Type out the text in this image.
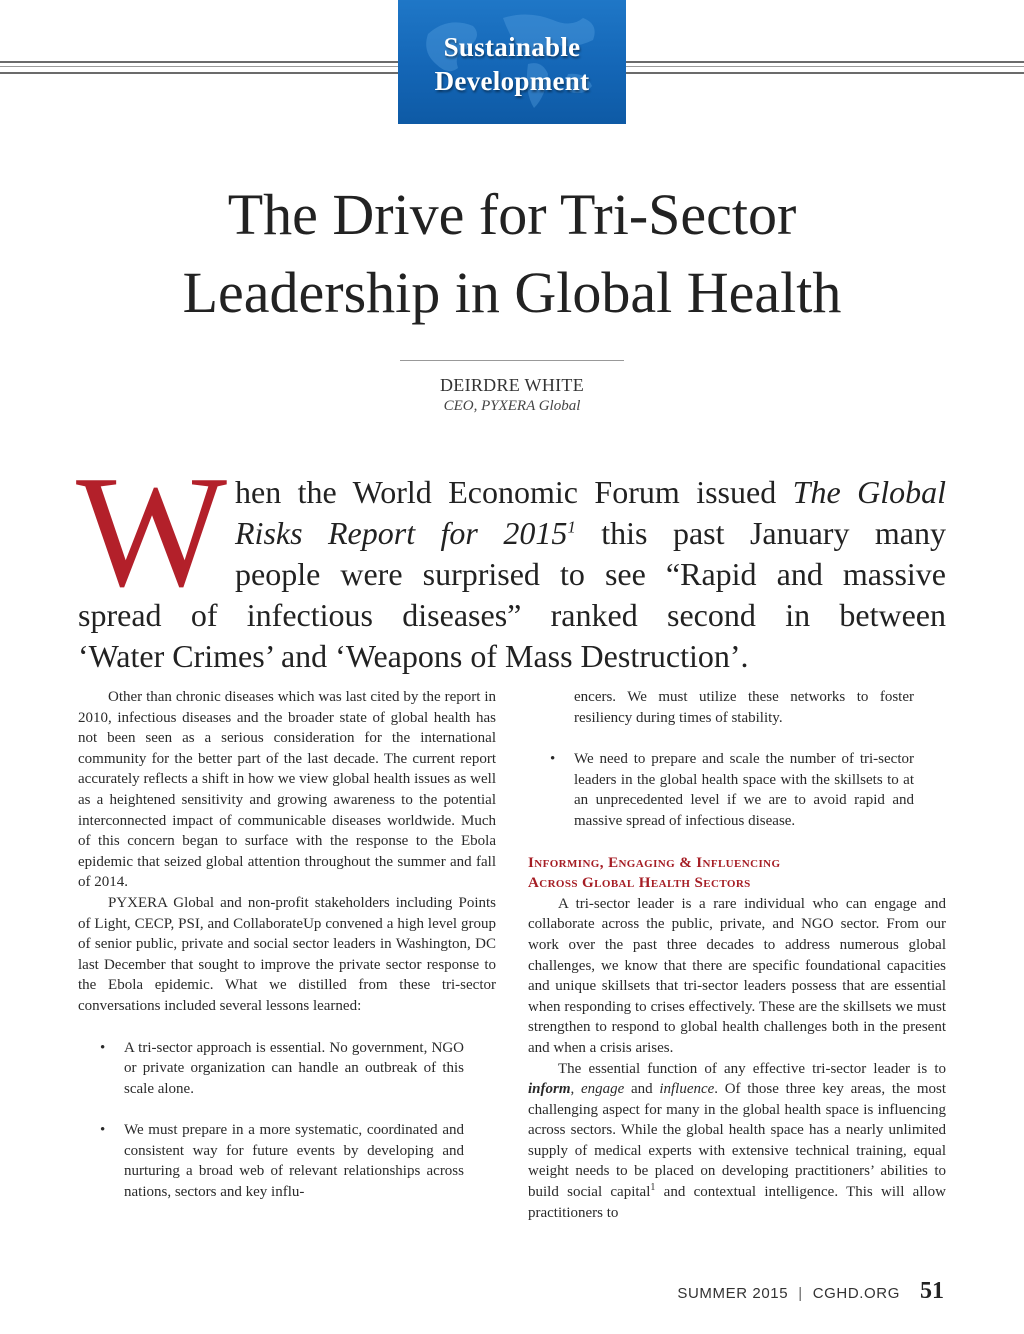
Sustainable
Development
The Drive for Tri-Sector
Leadership in Global Health
DEIRDRE WHITE
CEO, PYXERA Global
W hen the World Economic Forum issued The Global
Risks Report for 2015$^1$ this past January many
people were surprised to see “Rapid and massive
spread of infectious diseases” ranked second in between
‘Water Crimes’ and ‘Weapons of Mass Destruction’.

Other than chronic diseases which was last cited by the report in 2010, infectious diseases and the broader state of global health has not been seen as a serious consideration for the international community for the better part of the last decade. The current report accurately reflects a shift in how we view global health issues as well as a heightened sensitivity and growing awareness to the potential interconnected impact of communicable diseases worldwide. Much of this concern began to surface with the response to the Ebola epidemic that seized global attention throughout the summer and fall of 2014.

PYXERA Global and non-profit stakeholders including Points of Light, CECP, PSI, and CollaborateUp convened a high level group of senior public, private and social sector leaders in Washington, DC last December that sought to improve the private sector response to the Ebola epidemic. What we distilled from these tri-sector conversations included several lessons learned:

• A tri-sector approach is essential. No government, NGO or private organization can handle an outbreak of this scale alone.
• We must prepare in a more systematic, coordinated and consistent way for future events by developing and nurturing a broad web of relevant relationships across nations, sectors and key influ-
encers. We must utilize these networks to foster resiliency during times of stability.
• We need to prepare and scale the number of tri-sector leaders in the global health space with the skillsets to at an unprecedented level if we are to avoid rapid and massive spread of infectious disease.

Informing, Engaging & Influencing

Across Global Health Sectors

A tri-sector leader is a rare individual who can engage and collaborate across the public, private, and NGO sector. From our work over the past three decades to address numerous global challenges, we know that there are specific foundational capacities and unique skillsets that tri-sector leaders possess that are essential when responding to crises effectively. These are the skillsets we must strengthen to respond to global health challenges both in the present and when a crisis arises.

The essential function of any effective tri-sector leader is to inform, engage and influence. Of those three key areas, the most challenging aspect for many in the global health space is influencing across sectors. While the global health space has a nearly unlimited supply of medical experts with extensive technical training, equal weight needs to be placed on developing practitioners’ abilities to build social capital$^1$ and contextual intelligence. This will allow practitioners to

SUMMER 2015 | CGHD.ORG 51
